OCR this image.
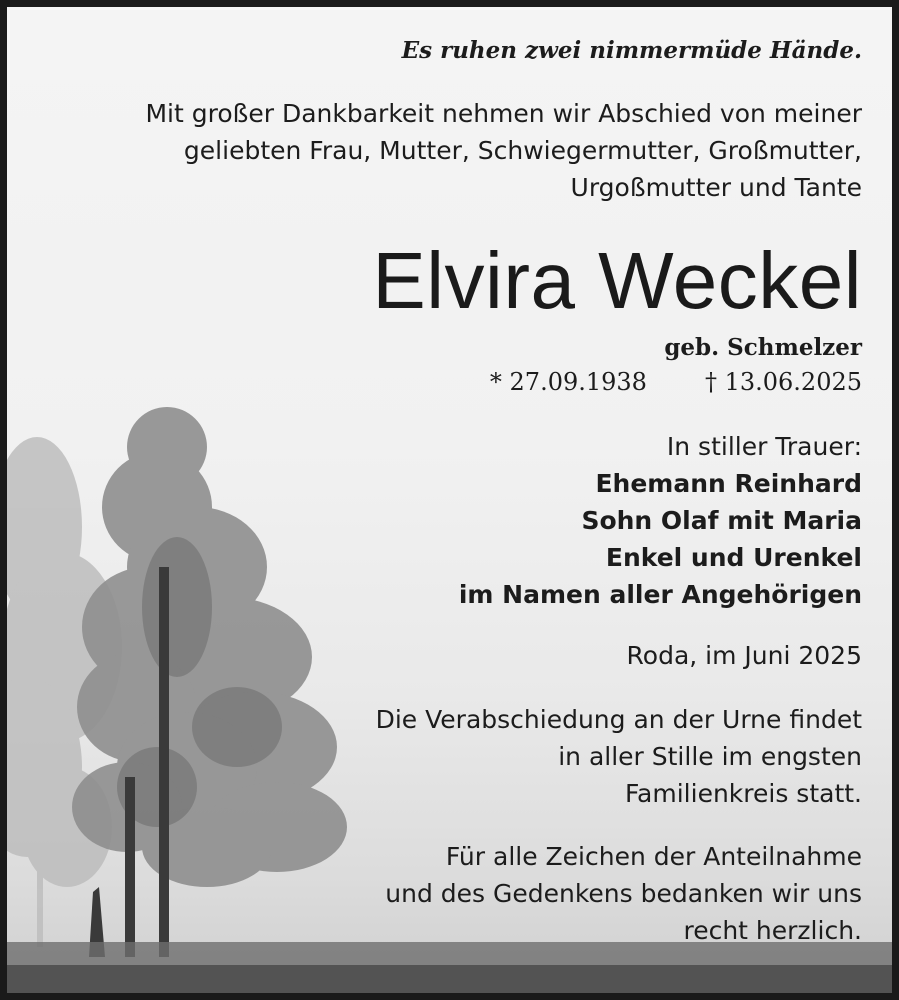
Es ruhen zwei nimmermüde Hände.
Mit großer Dankbarkeit nehmen wir Abschied von meiner
geliebten Frau, Mutter, Schwiegermutter, Großmutter,
Urgoßmutter und Tante
Elvira Weckel
geb. Schmelzer
* 27.09.1938 † 13.06.2025
In stiller Trauer:
Ehemann Reinhard
Sohn Olaf mit Maria
Enkel und Urenkel
im Namen aller Angehörigen
Roda, im Juni 2025
Die Verabschiedung an der Urne findet
in aller Stille im engsten
Familienkreis statt.
Für alle Zeichen der Anteilnahme
und des Gedenkens bedanken wir uns
recht herzlich.
